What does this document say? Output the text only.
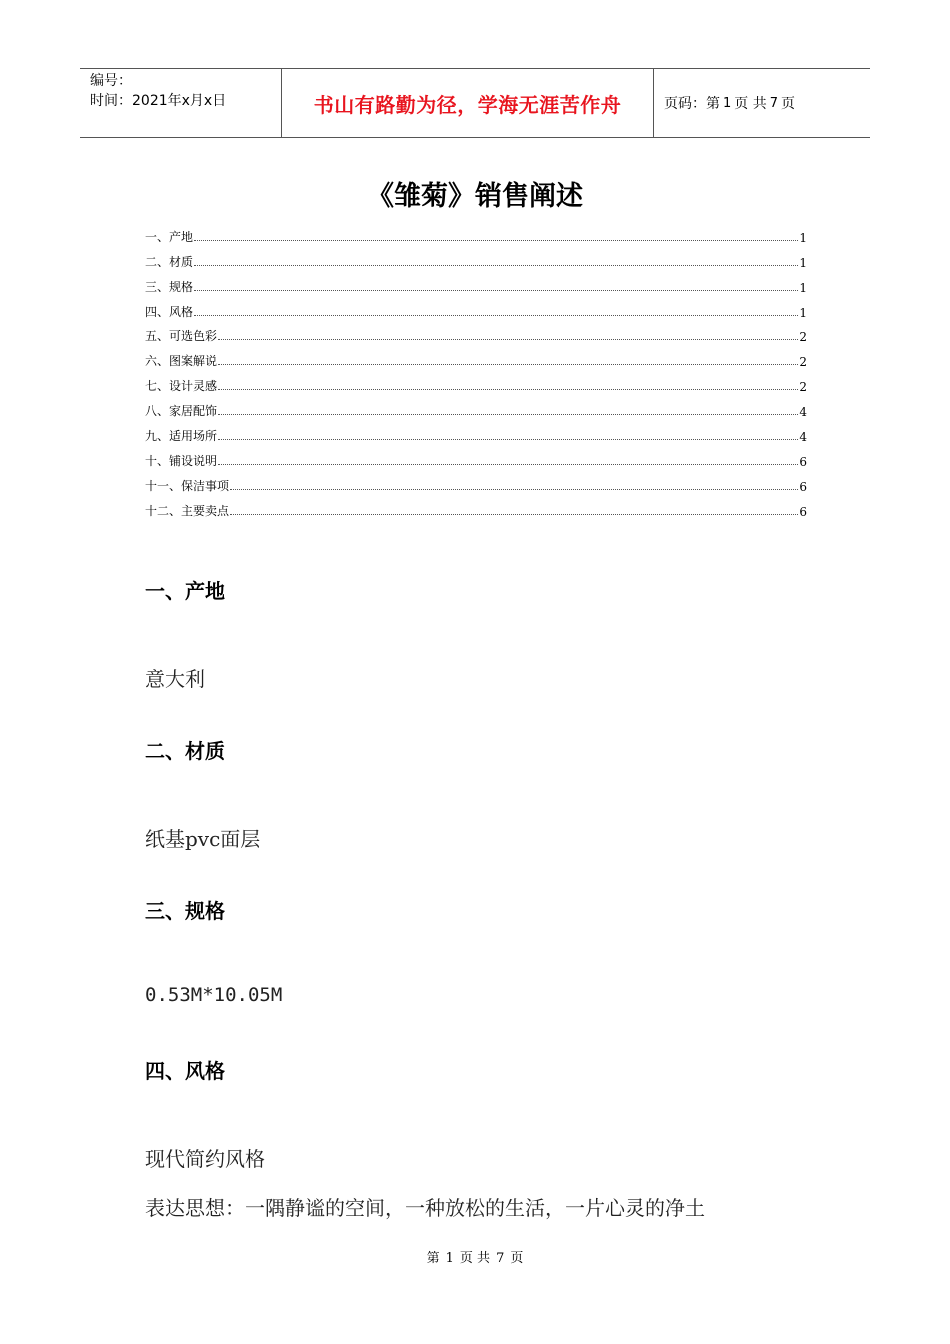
编号：
时间：2021年x月x日	书山有路勤为径，学海无涯苦作舟	页码：第 1 页 共 7 页
《雏菊》销售阐述
一、产地	1
二、材质	1
三、规格	1
四、风格	1
五、可选色彩	2
六、图案解说	2
七、设计灵感	2
八、家居配饰	4
九、适用场所	4
十、铺设说明	6
十一、保洁事项	6
十二、主要卖点	6
一、产地
意大利
二、材质
纸基pvc面层
三、规格
0.53M*10.05M
四、风格
现代简约风格
表达思想：一隅静谧的空间，一种放松的生活，一片心灵的净土
第 1 页 共 7 页
